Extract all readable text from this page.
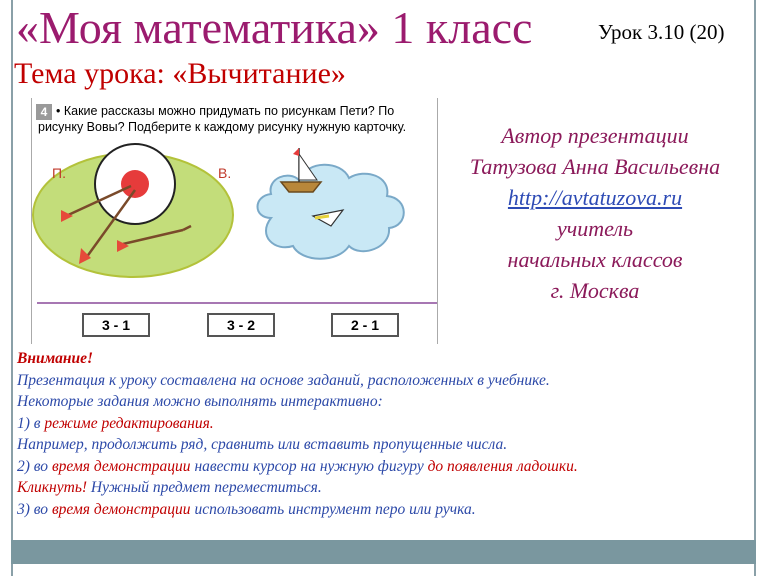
«Моя математика» 1 класс	Урок 3.10 (20)
Тема урока: «Вычитание»
4 • Какие рассказы можно придумать по рисункам Пети? По рисунку Вовы? Подберите к каждому рисунку нужную карточку.
П.	В.
3 - 1	3 - 2	2 - 1
Автор презентации
Татузова Анна Васильевна
http://avtatuzova.ru
учитель
начальных классов
г. Москва
Внимание!
Презентация к уроку составлена на основе заданий, расположенных в учебнике.
Некоторые задания можно выполнять интерактивно:
1) в режиме редактирования.
Например, продолжить ряд, сравнить или вставить пропущенные числа.
2) во время демонстрации навести курсор на нужную фигуру до появления ладошки.
Кликнуть! Нужный предмет переместиться.
3) во время демонстрации использовать инструмент перо или ручка.
